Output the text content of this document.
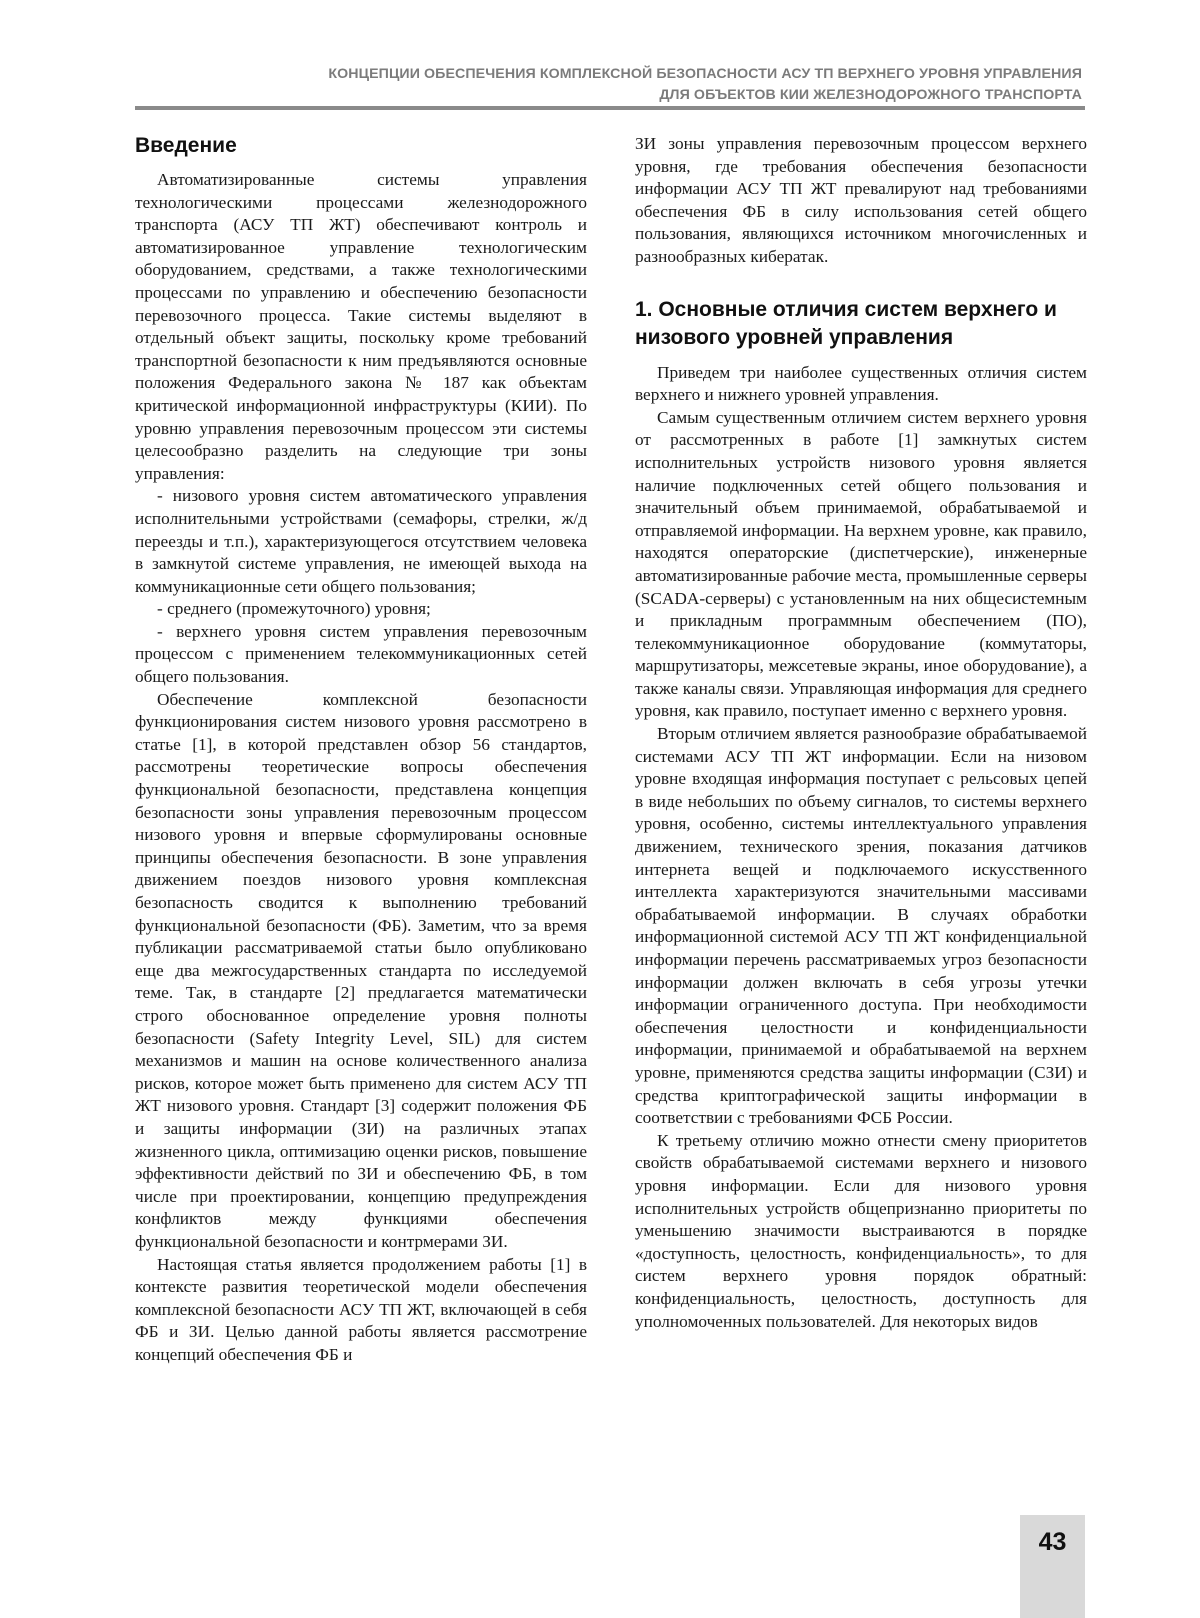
КОНЦЕПЦИИ ОБЕСПЕЧЕНИЯ КОМПЛЕКСНОЙ БЕЗОПАСНОСТИ АСУ ТП ВЕРХНЕГО УРОВНЯ УПРАВЛЕНИЯ
ДЛЯ ОБЪЕКТОВ КИИ ЖЕЛЕЗНОДОРОЖНОГО ТРАНСПОРТА
Введение

Автоматизированные системы управления технологическими процессами железнодорожного транспорта (АСУ ТП ЖТ) обеспечивают контроль и автоматизированное управление технологическим оборудованием, средствами, а также технологическими процессами по управлению и обеспечению безопасности перевозочного процесса. Такие системы выделяют в отдельный объект защиты, поскольку кроме требований транспортной безопасности к ним предъявляются основные положения Федерального закона № 187 как объектам критической информационной инфраструктуры (КИИ). По уровню управления перевозочным процессом эти системы целесообразно разделить на следующие три зоны управления:

- низового уровня систем автоматического управления исполнительными устройствами (семафоры, стрелки, ж/д переезды и т.п.), характеризующегося отсутствием человека в замкнутой системе управления, не имеющей выхода на коммуникационные сети общего пользования;

- среднего (промежуточного) уровня;

- верхнего уровня систем управления перевозочным процессом с применением телекоммуникационных сетей общего пользования.

Обеспечение комплексной безопасности функционирования систем низового уровня рассмотрено в статье [1], в которой представлен обзор 56 стандартов, рассмотрены теоретические вопросы обеспечения функциональной безопасности, представлена концепция безопасности зоны управления перевозочным процессом низового уровня и впервые сформулированы основные принципы обеспечения безопасности. В зоне управления движением поездов низового уровня комплексная безопасность сводится к выполнению требований функциональной безопасности (ФБ). Заметим, что за время публикации рассматриваемой статьи было опубликовано еще два межгосударственных стандарта по исследуемой теме. Так, в стандарте [2] предлагается математически строго обоснованное определение уровня полноты безопасности (Safety Integrity Level, SIL) для систем механизмов и машин на основе количественного анализа рисков, которое может быть применено для систем АСУ ТП ЖТ низового уровня. Стандарт [3] содержит положения ФБ и защиты информации (ЗИ) на различных этапах жизненного цикла, оптимизацию оценки рисков, повышение эффективности действий по ЗИ и обеспечению ФБ, в том числе при проектировании, концепцию предупреждения конфликтов между функциями обеспечения функциональной безопасности и контрмерами ЗИ.

Настоящая статья является продолжением работы [1] в контексте развития теоретической модели обеспечения комплексной безопасности АСУ ТП ЖТ, включающей в себя ФБ и ЗИ. Целью данной работы является рассмотрение концепций обеспечения ФБ и

ЗИ зоны управления перевозочным процессом верхнего уровня, где требования обеспечения безопасности информации АСУ ТП ЖТ превалируют над требованиями обеспечения ФБ в силу использования сетей общего пользования, являющихся источником многочисленных и разнообразных кибератак.

1. Основные отличия систем верхнего и низового уровней управления

Приведем три наиболее существенных отличия систем верхнего и нижнего уровней управления.

Самым существенным отличием систем верхнего уровня от рассмотренных в работе [1] замкнутых систем исполнительных устройств низового уровня является наличие подключенных сетей общего пользования и значительный объем принимаемой, обрабатываемой и отправляемой информации. На верхнем уровне, как правило, находятся операторские (диспетчерские), инженерные автоматизированные рабочие места, промышленные серверы (SCADA-серверы) с установленным на них общесистемным и прикладным программным обеспечением (ПО), телекоммуникационное оборудование (коммутаторы, маршрутизаторы, межсетевые экраны, иное оборудование), а также каналы связи. Управляющая информация для среднего уровня, как правило, поступает именно с верхнего уровня.

Вторым отличием является разнообразие обрабатываемой системами АСУ ТП ЖТ информации. Если на низовом уровне входящая информация поступает с рельсовых цепей в виде небольших по объему сигналов, то системы верхнего уровня, особенно, системы интеллектуального управления движением, технического зрения, показания датчиков интернета вещей и подключаемого искусственного интеллекта характеризуются значительными массивами обрабатываемой информации. В случаях обработки информационной системой АСУ ТП ЖТ конфиденциальной информации перечень рассматриваемых угроз безопасности информации должен включать в себя угрозы утечки информации ограниченного доступа. При необходимости обеспечения целостности и конфиденциальности информации, принимаемой и обрабатываемой на верхнем уровне, применяются средства защиты информации (СЗИ) и средства криптографической защиты информации в соответствии с требованиями ФСБ России.

К третьему отличию можно отнести смену приоритетов свойств обрабатываемой системами верхнего и низового уровня информации. Если для низового уровня исполнительных устройств общепризнанно приоритеты по уменьшению значимости выстраиваются в порядке «доступность, целостность, конфиденциальность», то для систем верхнего уровня порядок обратный: конфиденциальность, целостность, доступность для уполномоченных пользователей. Для некоторых видов

43
